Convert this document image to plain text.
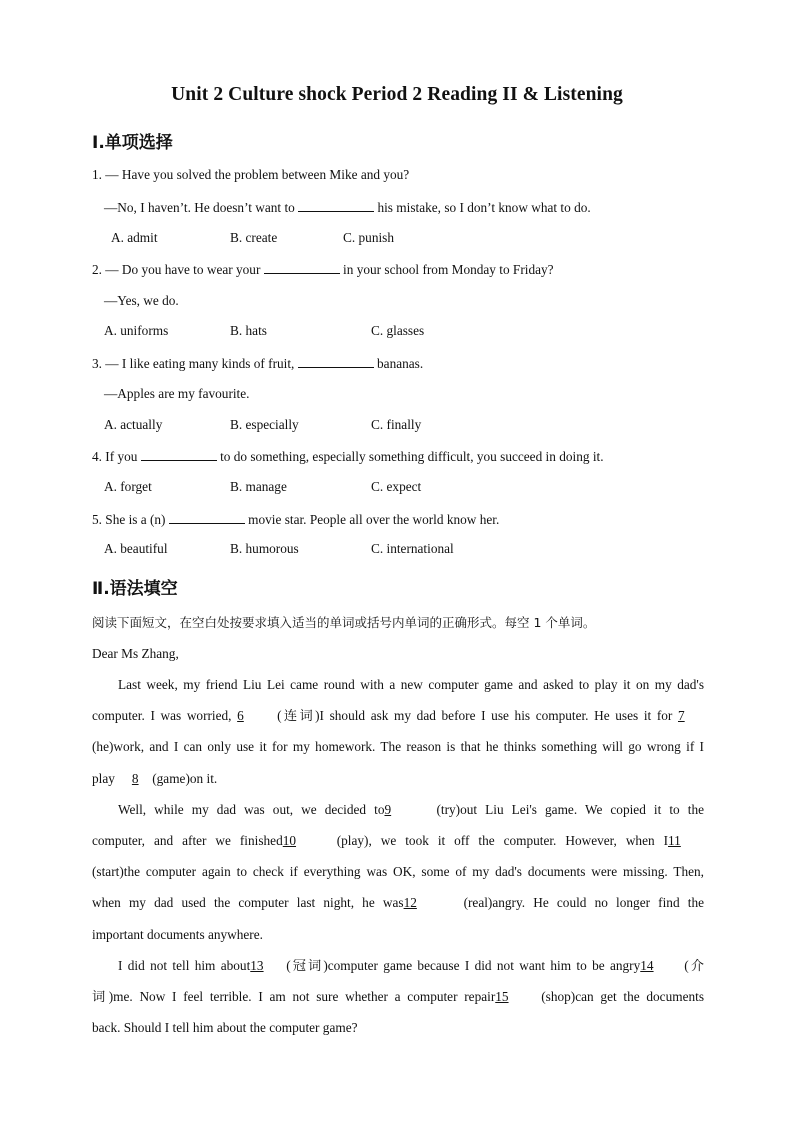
Unit 2 Culture shock Period 2 Reading II & Listening
Ⅰ.单项选择
1. — Have you solved the problem between Mike and you?
—No, I haven’t. He doesn’t want to	his mistake, so I don’t know what to do.
A. admit	B. create	C. punish
2. — Do you have to wear your	in your school from Monday to Friday?
—Yes, we do.
A. uniforms	B. hats	C. glasses
3. — I like eating many kinds of fruit,	bananas.
—Apples are my favourite.
A. actually	B. especially	C. finally
4. If you	to do something, especially something difficult, you succeed in doing it.
A. forget	B. manage	C. expect
5. She is a (n)	movie star. People all over the world know her.
A. beautiful	B. humorous	C. international
Ⅱ.语法填空
阅读下面短文，在空白处按要求填入适当的单词或括号内单词的正确形式。每空 1 个单词。
Dear Ms Zhang,
Last week, my friend Liu Lei came round with a new computer game and asked to play it on my dad's
computer. I was worried, 6	(连词)I should ask my dad before I use his computer. He uses it for 7
(he)work, and I can only use it for my homework. The reason is that he thinks something will go wrong if I
play 8 (game)on it.
Well, while my dad was out, we decided to9	(try)out Liu Lei's game. We copied it to the
computer, and after we finished10	(play), we took it off the computer. However, when I11
(start)the computer again to check if everything was OK, some of my dad's documents were missing. Then,
when my dad used the computer last night, he was12	(real)angry. He could no longer find the
important documents anywhere.
I did not tell him about13 (冠词)computer game because I did not want him to be angry14 (介
词)me. Now I feel terrible. I am not sure whether a computer repair15 (shop)can get the documents
back. Should I tell him about the computer game?
